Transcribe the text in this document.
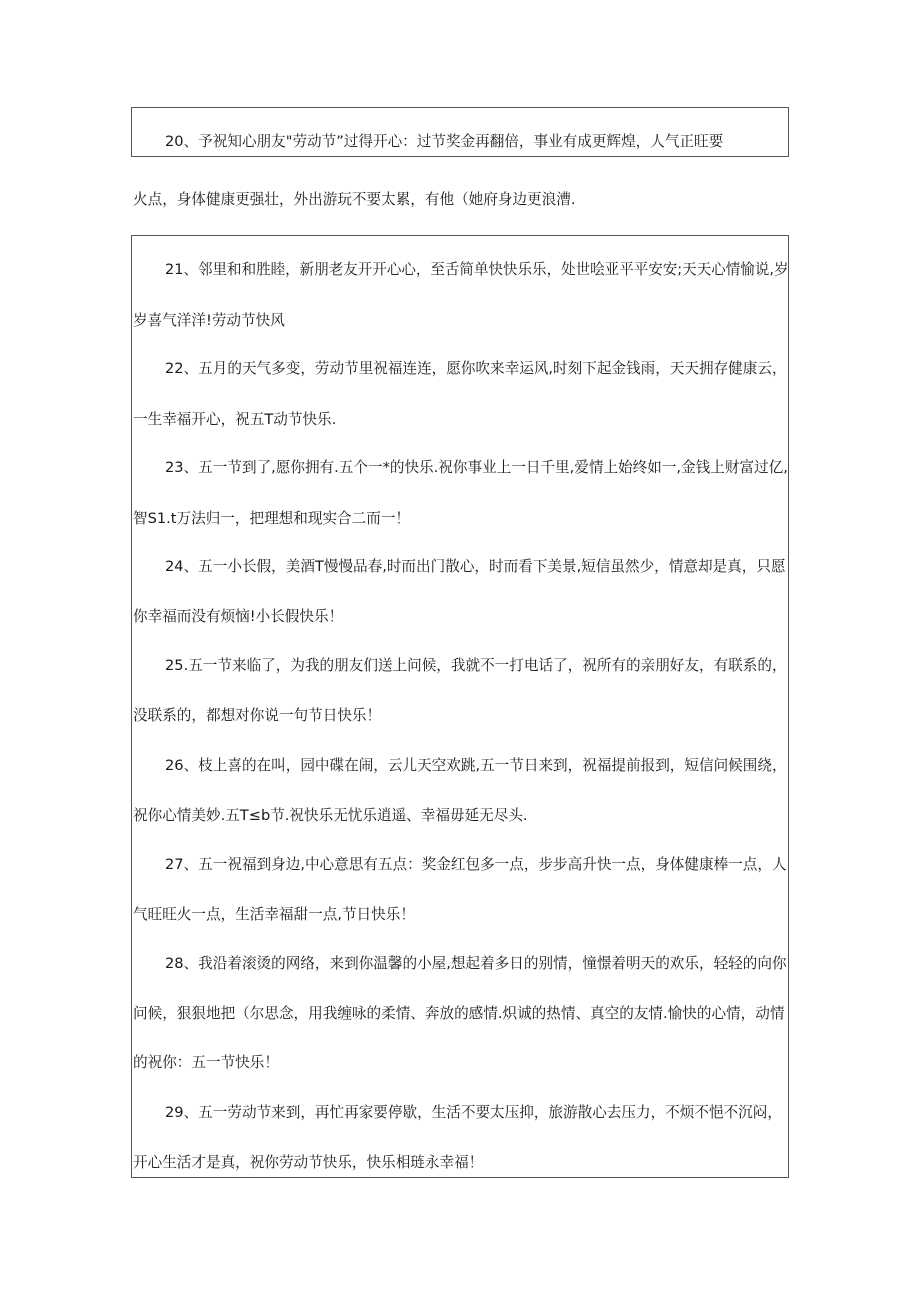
20、予祝知心朋友"劳动节”过得开心：过节奖金再翻倍，事业有成更辉煌，人气正旺要
火点，身体健康更强壮，外出游玩不要太累，有他（她府身边更浪漕.
21、邻里和和胜睦，新朋老友开开心心，至舌简单快快乐乐，处世哙亚平平安安;天天心情愉说,岁
岁喜气洋洋!劳动节快风
22、五月的天气多变，劳动节里祝福连连，愿你吹来幸运风,时刻下起金钱雨，天天拥存健康云，
一生幸福开心，祝五T动节快乐.
23、五一节到了,愿你拥有.五个一*的快乐.祝你事业上一日千里,爱情上始终如一,金钱上财富过亿,
智S1.t万法归一，把理想和现实合二而一！
24、五一小长假，美酒T慢慢品春,时而出门散心，时而看下美景,短信虽然少，情意却是真，只愿
你幸福而没有烦恼!小长假快乐！
25.五一节来临了，为我的朋友们送上问候，我就不一打电话了，祝所有的亲朋好友，有联系的，
没联系的，都想对你说一句节日快乐！
26、枝上喜的在叫，园中碟在闹，云儿天空欢跳,五一节日来到，祝福提前报到，短信问候围绕，
祝你心情美妙.五T≤b节.祝快乐无忧乐逍遥、幸福毋延无尽头.
27、五一祝福到身边,中心意思有五点：奖金红包多一点，步步高升快一点，身体健康棒一点，人
气旺旺火一点，生活幸福甜一点,节日快乐！
28、我沿着滚烫的网络，来到你温馨的小屋,想起着多日的别情，憧憬着明天的欢乐，轻轻的向你
问候，狠狠地把（尔思念，用我缠咏的柔情、奔放的感情.炽诚的热情、真空的友情.愉快的心情，动情
的祝你：五一节快乐！
29、五一劳动节来到，再忙再家要停歇，生活不要太压抑，旅游散心去压力，不烦不悒不沉闷，
开心生活才是真，祝你劳动节快乐，快乐相琏永幸福！
